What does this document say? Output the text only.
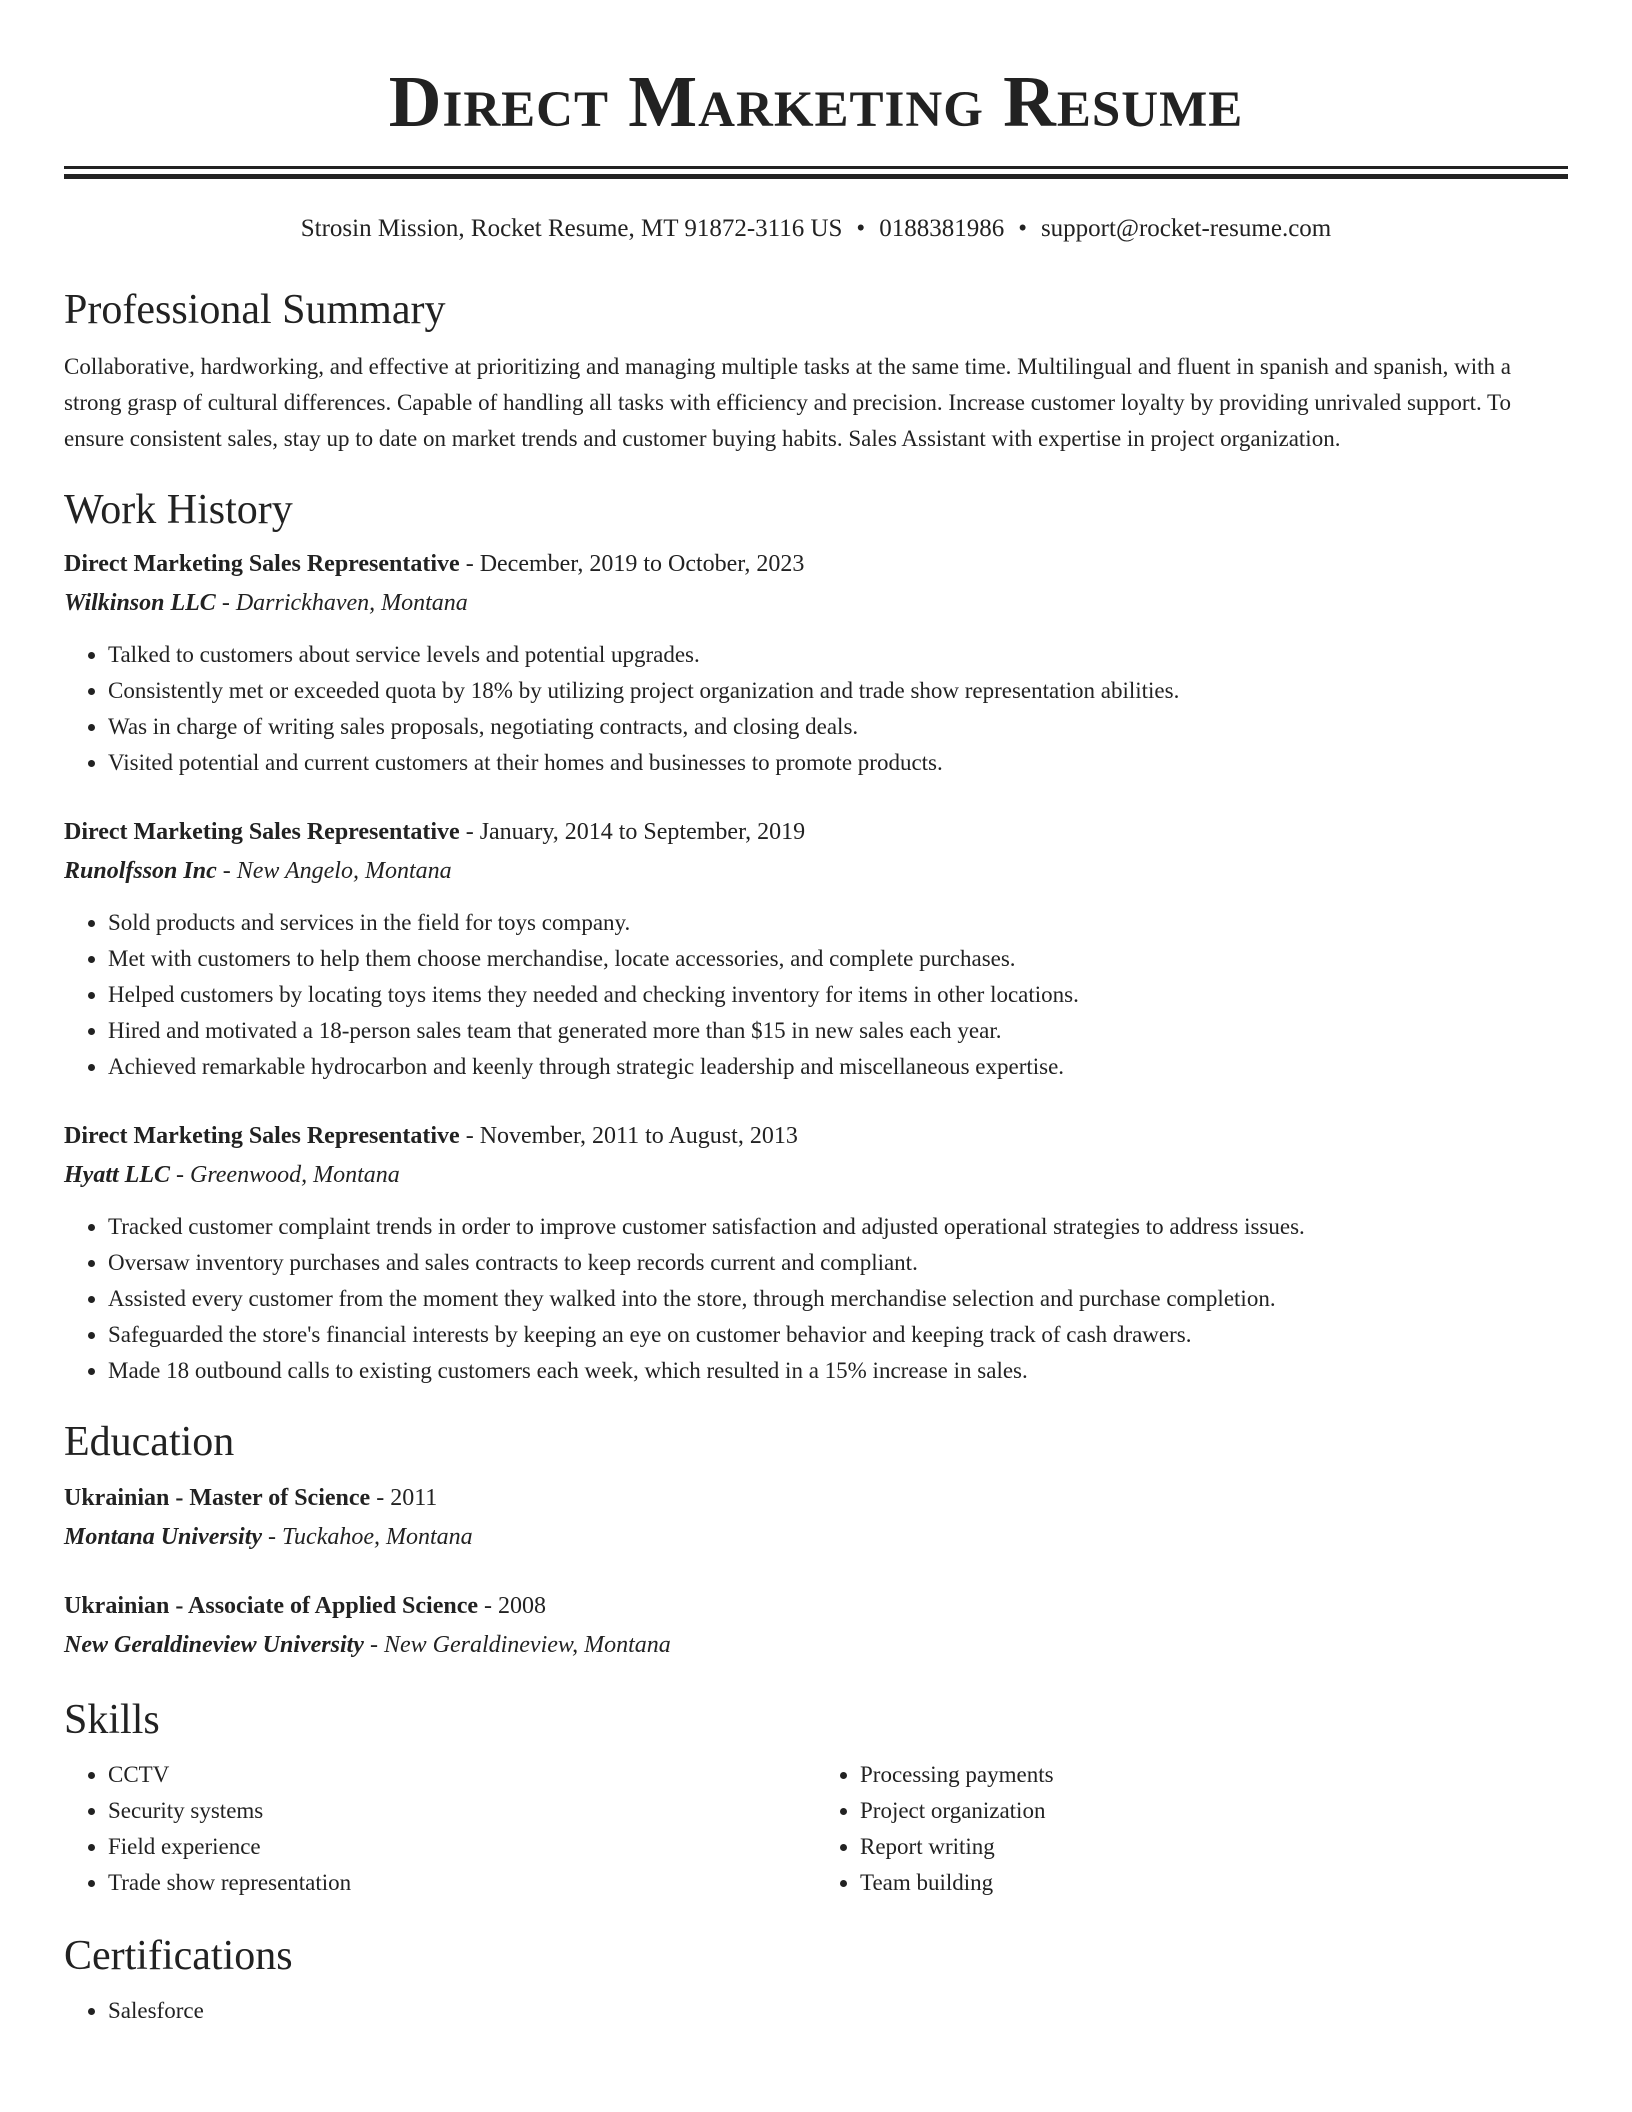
Direct Marketing Resume
Strosin Mission, Rocket Resume, MT 91872-3116 US • 0188381986 • support@rocket-resume.com
Professional Summary

Collaborative, hardworking, and effective at prioritizing and managing multiple tasks at the same time. Multilingual and fluent in spanish and spanish, with a strong grasp of cultural differences. Capable of handling all tasks with efficiency and precision. Increase customer loyalty by providing unrivaled support. To ensure consistent sales, stay up to date on market trends and customer buying habits. Sales Assistant with expertise in project organization.

Work History
Direct Marketing Sales Representative - December, 2019 to October, 2023
Wilkinson LLC - Darrickhaven, Montana
• Talked to customers about service levels and potential upgrades.
• Consistently met or exceeded quota by 18% by utilizing project organization and trade show representation abilities.
• Was in charge of writing sales proposals, negotiating contracts, and closing deals.
• Visited potential and current customers at their homes and businesses to promote products.
Direct Marketing Sales Representative - January, 2014 to September, 2019
Runolfsson Inc - New Angelo, Montana
• Sold products and services in the field for toys company.
• Met with customers to help them choose merchandise, locate accessories, and complete purchases.
• Helped customers by locating toys items they needed and checking inventory for items in other locations.
• Hired and motivated a 18-person sales team that generated more than $15 in new sales each year.
• Achieved remarkable hydrocarbon and keenly through strategic leadership and miscellaneous expertise.
Direct Marketing Sales Representative - November, 2011 to August, 2013
Hyatt LLC - Greenwood, Montana
• Tracked customer complaint trends in order to improve customer satisfaction and adjusted operational strategies to address issues.
• Oversaw inventory purchases and sales contracts to keep records current and compliant.
• Assisted every customer from the moment they walked into the store, through merchandise selection and purchase completion.
• Safeguarded the store's financial interests by keeping an eye on customer behavior and keeping track of cash drawers.
• Made 18 outbound calls to existing customers each week, which resulted in a 15% increase in sales.
Education
Ukrainian - Master of Science - 2011
Montana University - Tuckahoe, Montana
Ukrainian - Associate of Applied Science - 2008
New Geraldineview University - New Geraldineview, Montana
Skills
• CCTV
• Security systems
• Field experience
• Trade show representation
• Processing payments
• Project organization
• Report writing
• Team building
Certifications
• Salesforce
